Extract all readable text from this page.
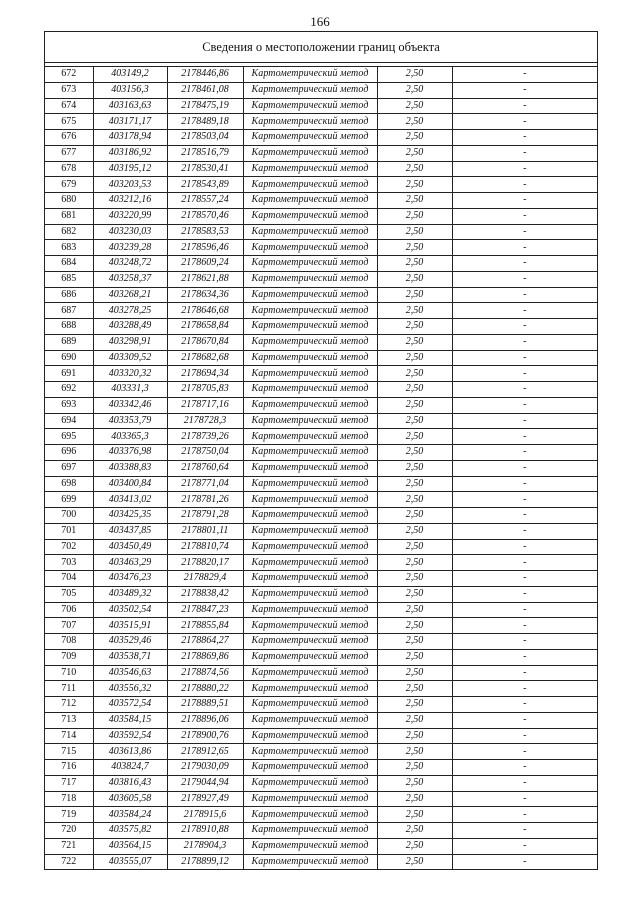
166
Сведения о местоположении границ объекта
672	403149,2	2178446,86	Картометрический метод	2,50	-
673	403156,3	2178461,08	Картометрический метод	2,50	-
674	403163,63	2178475,19	Картометрический метод	2,50	-
675	403171,17	2178489,18	Картометрический метод	2,50	-
676	403178,94	2178503,04	Картометрический метод	2,50	-
677	403186,92	2178516,79	Картометрический метод	2,50	-
678	403195,12	2178530,41	Картометрический метод	2,50	-
679	403203,53	2178543,89	Картометрический метод	2,50	-
680	403212,16	2178557,24	Картометрический метод	2,50	-
681	403220,99	2178570,46	Картометрический метод	2,50	-
682	403230,03	2178583,53	Картометрический метод	2,50	-
683	403239,28	2178596,46	Картометрический метод	2,50	-
684	403248,72	2178609,24	Картометрический метод	2,50	-
685	403258,37	2178621,88	Картометрический метод	2,50	-
686	403268,21	2178634,36	Картометрический метод	2,50	-
687	403278,25	2178646,68	Картометрический метод	2,50	-
688	403288,49	2178658,84	Картометрический метод	2,50	-
689	403298,91	2178670,84	Картометрический метод	2,50	-
690	403309,52	2178682,68	Картометрический метод	2,50	-
691	403320,32	2178694,34	Картометрический метод	2,50	-
692	403331,3	2178705,83	Картометрический метод	2,50	-
693	403342,46	2178717,16	Картометрический метод	2,50	-
694	403353,79	2178728,3	Картометрический метод	2,50	-
695	403365,3	2178739,26	Картометрический метод	2,50	-
696	403376,98	2178750,04	Картометрический метод	2,50	-
697	403388,83	2178760,64	Картометрический метод	2,50	-
698	403400,84	2178771,04	Картометрический метод	2,50	-
699	403413,02	2178781,26	Картометрический метод	2,50	-
700	403425,35	2178791,28	Картометрический метод	2,50	-
701	403437,85	2178801,11	Картометрический метод	2,50	-
702	403450,49	2178810,74	Картометрический метод	2,50	-
703	403463,29	2178820,17	Картометрический метод	2,50	-
704	403476,23	2178829,4	Картометрический метод	2,50	-
705	403489,32	2178838,42	Картометрический метод	2,50	-
706	403502,54	2178847,23	Картометрический метод	2,50	-
707	403515,91	2178855,84	Картометрический метод	2,50	-
708	403529,46	2178864,27	Картометрический метод	2,50	-
709	403538,71	2178869,86	Картометрический метод	2,50	-
710	403546,63	2178874,56	Картометрический метод	2,50	-
711	403556,32	2178880,22	Картометрический метод	2,50	-
712	403572,54	2178889,51	Картометрический метод	2,50	-
713	403584,15	2178896,06	Картометрический метод	2,50	-
714	403592,54	2178900,76	Картометрический метод	2,50	-
715	403613,86	2178912,65	Картометрический метод	2,50	-
716	403824,7	2179030,09	Картометрический метод	2,50	-
717	403816,43	2179044,94	Картометрический метод	2,50	-
718	403605,58	2178927,49	Картометрический метод	2,50	-
719	403584,24	2178915,6	Картометрический метод	2,50	-
720	403575,82	2178910,88	Картометрический метод	2,50	-
721	403564,15	2178904,3	Картометрический метод	2,50	-
722	403555,07	2178899,12	Картометрический метод	2,50	-
